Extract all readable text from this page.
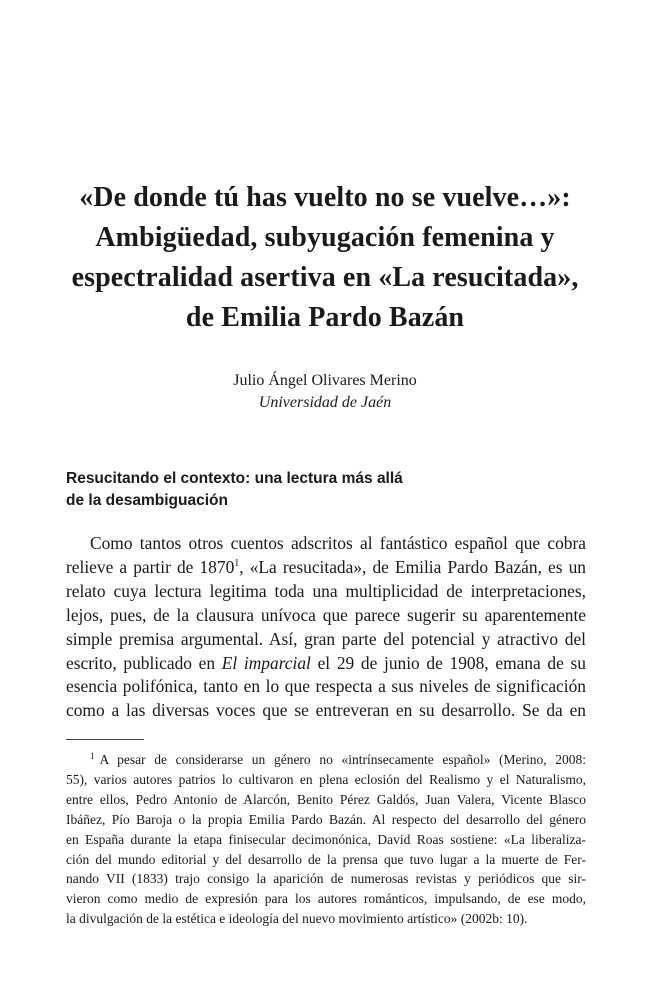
«De donde tú has vuelto no se vuelve…»:
Ambigüedad, subyugación femenina y
espectralidad asertiva en «La resucitada»,
de Emilia Pardo Bazán
Julio Ángel Olivares Merino
Universidad de Jaén
Resucitando el contexto: una lectura más allá
de la desambiguación

Como tantos otros cuentos adscritos al fantástico español que cobra
relieve a partir de 1870$^1$, «La resucitada», de Emilia Pardo Bazán, es un
relato cuya lectura legitima toda una multiplicidad de interpretaciones,
lejos, pues, de la clausura unívoca que parece sugerir su aparentemente
simple premisa argumental. Así, gran parte del potencial y atractivo del
escrito, publicado en El imparcial el 29 de junio de 1908, emana de su
esencia polifónica, tanto en lo que respecta a sus niveles de significación
como a las diversas voces que se entreveran en su desarrollo. Se da en

$^1$ A pesar de considerarse un género no «intrínsecamente español» (Merino, 2008:
55), varios autores patrios lo cultivaron en plena eclosión del Realismo y el Naturalismo,
entre ellos, Pedro Antonio de Alarcón, Benito Pérez Galdós, Juan Valera, Vicente Blasco
Ibáñez, Pío Baroja o la propia Emilia Pardo Bazán. Al respecto del desarrollo del género
en España durante la etapa finisecular decimonónica, David Roas sostiene: «La liberaliza-
ción del mundo editorial y del desarrollo de la prensa que tuvo lugar a la muerte de Fer-
nando VII (1833) trajo consigo la aparición de numerosas revistas y periódicos que sir-
vieron como medio de expresión para los autores románticos, impulsando, de ese modo,
la divulgación de la estética e ideología del nuevo movimiento artístico» (2002b: 10).
